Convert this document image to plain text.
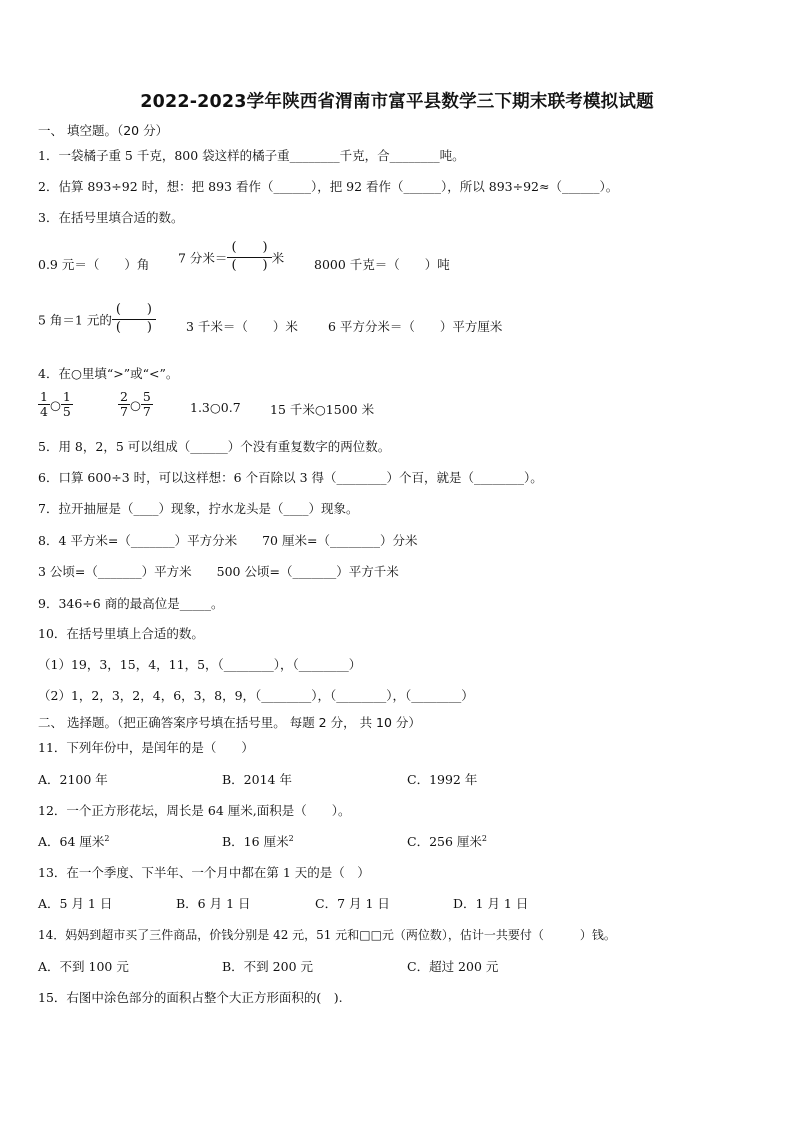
2022-2023学年陕西省渭南市富平县数学三下期末联考模拟试题
一、 填空题。（20 分）
1．一袋橘子重 5 千克，800 袋这样的橘子重________千克，合________吨。
2．估算 893÷92 时，想：把 893 看作（______），把 92 看作（______），所以 893÷92≈（______）。
3．在括号里填合适的数。
0.9 元＝（　　）角 7 分米＝ $\frac{( )}{( )}$ 米 8000 千克＝（　　）吨
5 角＝1 元的 $\frac{( )}{( )} 3$ 千米＝（　　）米 6 平方分米＝（　　）平方厘米
4．在○里填“>”或“<”。
$\frac{1}{4}$ ○ $\frac{1}{5}$	$\frac{2}{7}$ ○ $\frac{5}{7}$	1.3○0.7 15 千米○1500 米
5．用 8，2，5 可以组成（______）个没有重复数字的两位数。
6．口算 600÷3 时，可以这样想：6 个百除以 3 得（________）个百，就是（________）。
7．拉开抽屉是（____）现象，拧水龙头是（____）现象。
8．4 平方米=（_______）平方分米　　70 厘米=（________）分米
3 公顷=（_______）平方米　　500 公顷=（_______）平方千米
9．346÷6 商的最高位是_____。
10．在括号里填上合适的数。
（1）19，3，15，4，11，5，（________），（________）
（2）1，2，3，2，4，6，3，8，9，（________），（________），（________）
二、 选择题。（把正确答案序号填在括号里。 每题 2 分， 共 10 分）
11．下列年份中，是闰年的是（　　）
A．2100 年	B．2014 年	C．1992 年
12．一个正方形花坛，周长是 64 厘米,面积是（　　）。
A．64 厘米$^2$	B．16 厘米$^2$	C．256 厘米$^2$
13．在一个季度、下半年、一个月中都在第 1 天的是（　）
A．5 月 1 日	B．6 月 1 日	C．7 月 1 日	D．1 月 1 日
14．妈妈到超市买了三件商品，价钱分别是 42 元，51 元和□□元（两位数），估计一共要付（　　　）钱。
A．不到 100 元	B．不到 200 元	C．超过 200 元
15．右图中涂色部分的面积占整个大正方形面积的(　).
